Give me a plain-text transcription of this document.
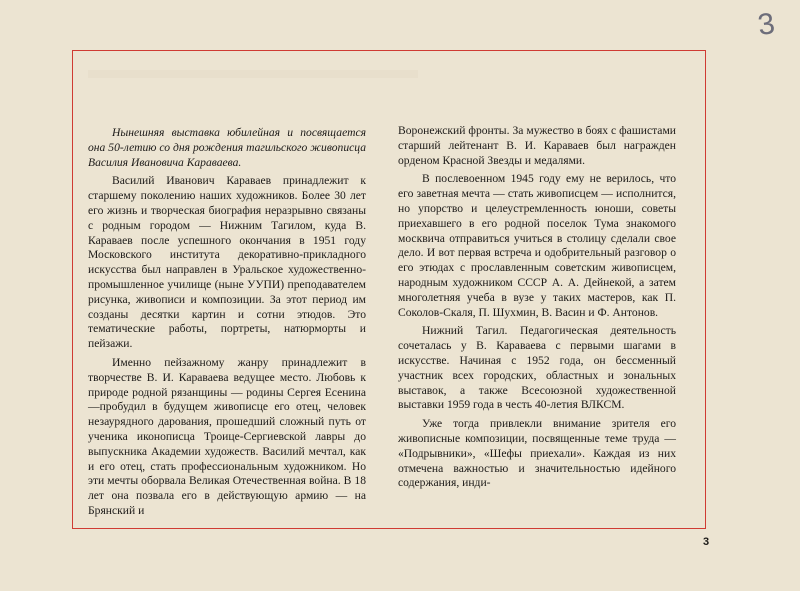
3

Нынешняя выставка юбилейная и посвящается она 50-летию со дня рождения тагильского живописца Василия Ивановича Караваева.

Василий Иванович Караваев принадлежит к старшему поколению наших художников. Более 30 лет его жизнь и творческая биография неразрывно связаны с родным городом — Нижним Тагилом, куда В. Караваев после успешного окончания в 1951 году Московского института декоративно-прикладного искусства был направлен в Уральское художественно-промышленное училище (ныне УУПИ) преподавателем рисунка, живописи и композиции. За этот период им созданы десятки картин и сотни этюдов. Это тематические работы, портреты, натюрморты и пейзажи.

Именно пейзажному жанру принадлежит в творчестве В. И. Караваева ведущее место. Любовь к природе родной рязанщины — родины Сергея Есенина—пробудил в будущем живописце его отец, человек незаурядного дарования, прошедший сложный путь от ученика иконописца Троице-Сергиевской лавры до выпускника Академии художеств. Василий мечтал, как и его отец, стать профессиональным художником. Но эти мечты оборвала Великая Отечественная война. В 18 лет она позвала его в действующую армию — на Брянский и

Воронежский фронты. За мужество в боях с фашистами старший лейтенант В. И. Караваев был награжден орденом Красной Звезды и медалями.

В послевоенном 1945 году ему не верилось, что его заветная мечта — стать живописцем — исполнится, но упорство и целеустремленность юноши, советы приехавшего в его родной поселок Тума знакомого москвича отправиться учиться в столицу сделали свое дело. И вот первая встреча и одобрительный разговор о его этюдах с прославленным советским живописцем, народным художником СССР А. А. Дейнекой, а затем многолетняя учеба в вузе у таких мастеров, как П. Соколов-Скаля, П. Шухмин, В. Васин и Ф. Антонов.

Нижний Тагил. Педагогическая деятельность сочеталась у В. Караваева с первыми шагами в искусстве. Начиная с 1952 года, он бессменный участник всех городских, областных и зональных выставок, а также Всесоюзной художественной выставки 1959 года в честь 40-летия ВЛКСМ.

Уже тогда привлекли внимание зрителя его живописные композиции, посвященные теме труда — «Подрывники», «Шефы приехали». Каждая из них отмечена важностью и значительностью идейного содержания, инди-

3
